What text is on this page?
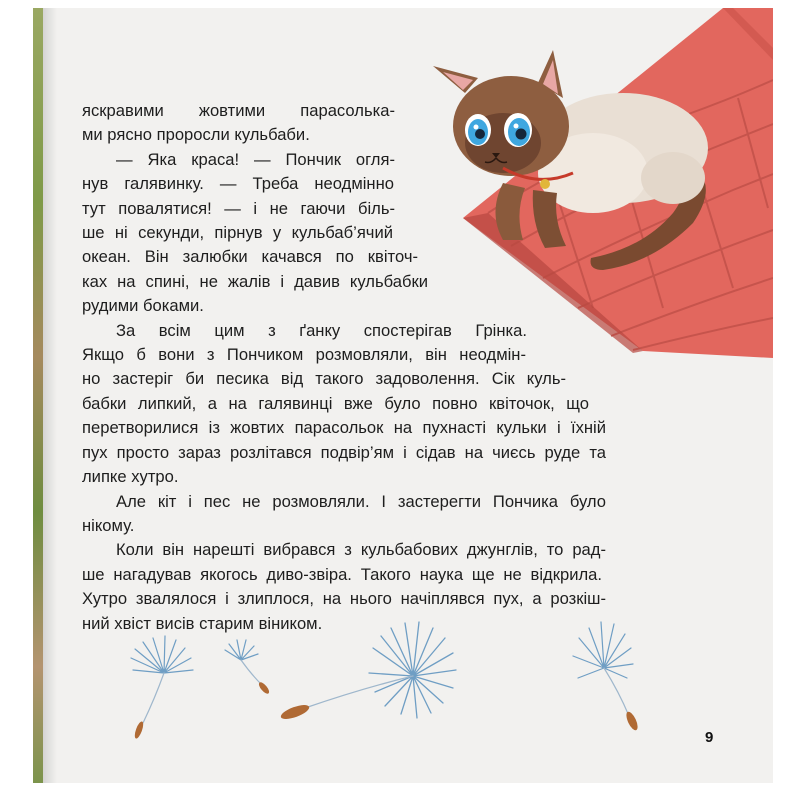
яскравими жовтими парасолька-
ми рясно проросли кульбаби.
— Яка краса! — Пончик огля-
нув галявинку. — Треба неодмінно
тут повалятися! — і не гаючи біль-
ше ні секунди, пірнув у кульбаб’ячий
океан. Він залюбки качався по квіточ-
ках на спині, не жалів і давив кульбабки
рудими боками.
За всім цим з ґанку спостерігав Грінка.
Якщо б вони з Пончиком розмовляли, він неодмін-
но застеріг би песика від такого задоволення. Сік куль-
бабки липкий, а на галявинці вже було повно квіточок, що
перетворилися із жовтих парасольок на пухнасті кульки і їхній
пух просто зараз розлітався подвір’ям і сідав на чиєсь руде та
липке хутро.
Але кіт і пес не розмовляли. І застерегти Пончика було
нікому.
Коли він нарешті вибрався з кульбабових джунглів, то рад-
ше нагадував якогось диво-звіра. Такого наука ще не відкрила.
Хутро звалялося і злиплося, на нього начіплявся пух, а розкіш-
ний хвіст висів старим віником.
9
